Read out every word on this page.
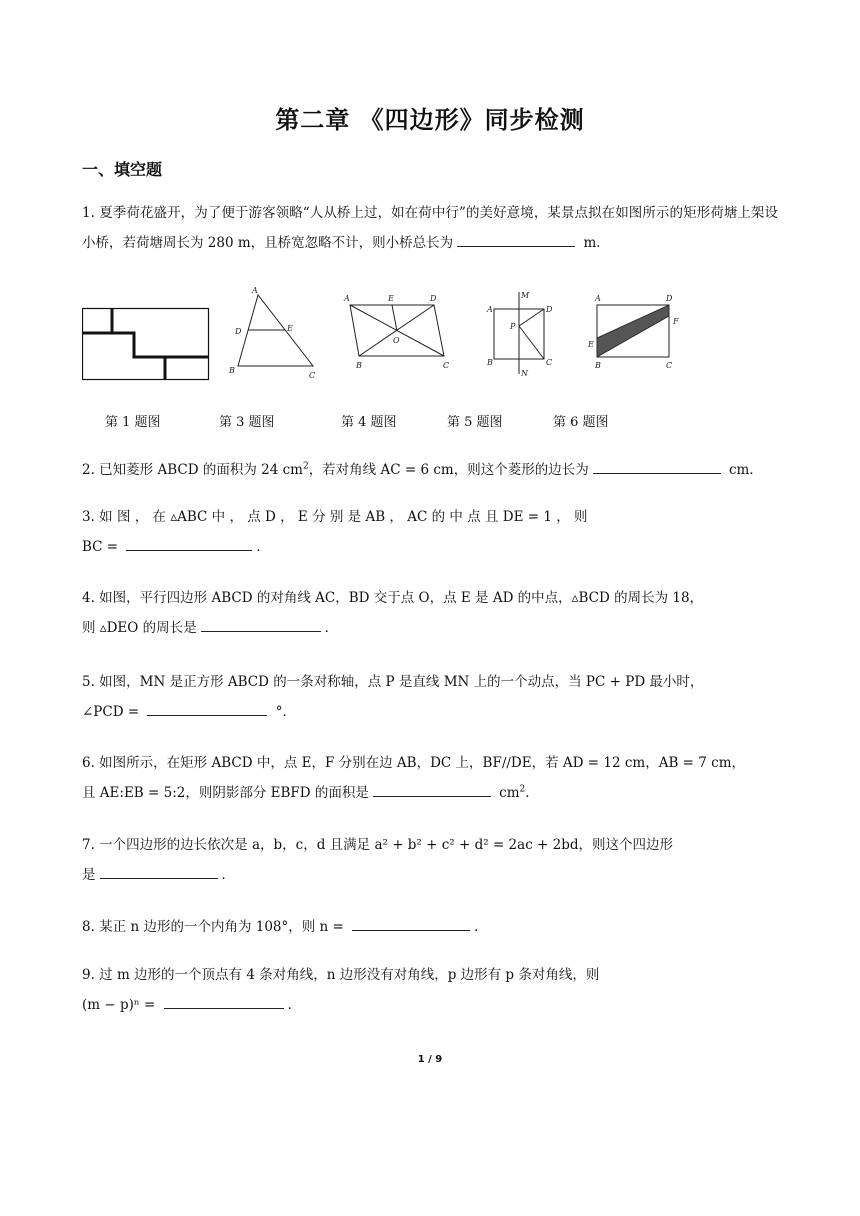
第二章 《四边形》同步检测
一、填空题
1. 夏季荷花盛开，为了便于游客领略“人从桥上过，如在荷中行”的美好意境，某景点拟在如图所示的矩形荷塘上架设小桥，若荷塘周长为 280 m，且桥宽忽略不计，则小桥总长为	m．
A
D	E
B
C
A	E	D
O
B	C
M
A	D
P
B	C
N
A	D
F
E
B	C
第 1 题图	第 3 题图	第 4 题图	第 5 题图	第 6 题图
2. 已知菱形 ABCD 的面积为 24 $cm^2$，若对角线 AC = 6 cm，则这个菱形的边长为	cm．
3. 如 图 ， 在 ▵ABC 中 ， 点 D ， E 分 别 是 AB ， AC 的 中 点 且 DE = 1 ， 则
BC =	．
4. 如图，平行四边形 ABCD 的对角线 AC，BD 交于点 O，点 E 是 AD 的中点，▵BCD 的周长为 18，
则 ▵DEO 的周长是	．
5. 如图，MN 是正方形 ABCD 的一条对称轴，点 P 是直线 MN 上的一个动点，当 PC + PD 最小时，
∠PCD =	°．
6. 如图所示，在矩形 ABCD 中，点 E，F 分别在边 AB，DC 上，BF∕∕DE，若 AD = 12 cm，AB = 7 cm，
且 AE:EB = 5:2，则阴影部分 EBFD 的面积是	$cm^2$．
7. 一个四边形的边长依次是 a，b，c，d 且满足 a² + b² + c² + d² = 2ac + 2bd，则这个四边形
是	．
8. 某正 n 边形的一个内角为 108°，则 n =	．
9. 过 m 边形的一个顶点有 4 条对角线，n 边形没有对角线，p 边形有 p 条对角线，则
(m − p)ⁿ =	．
1 / 9
